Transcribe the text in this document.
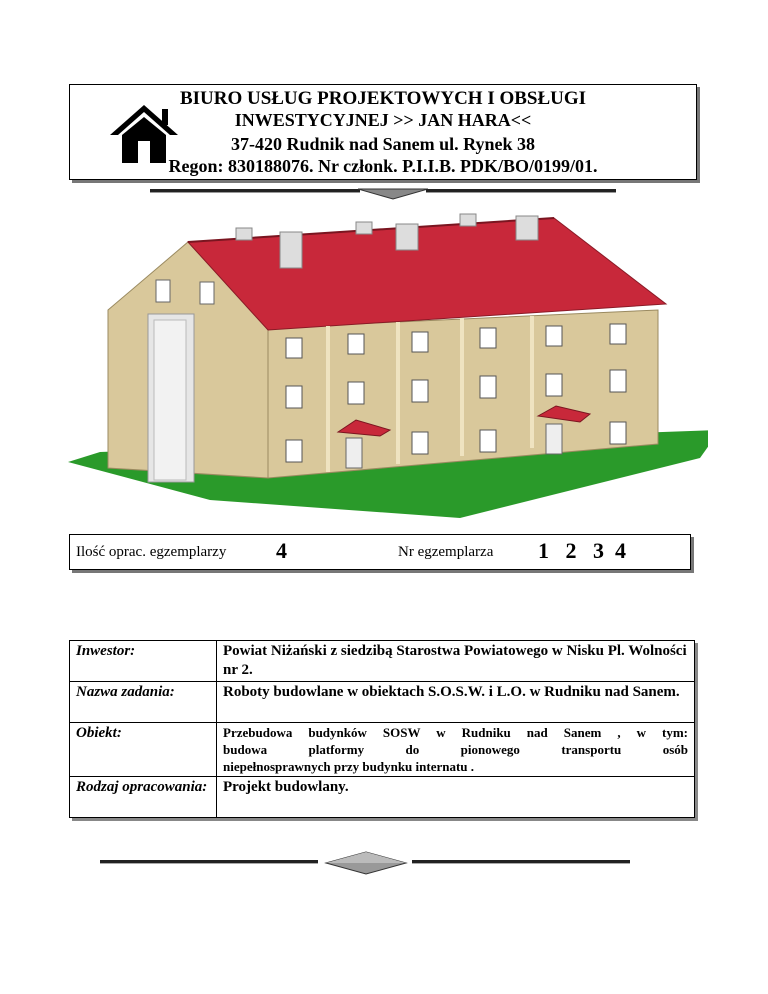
BIURO USŁUG PROJEKTOWYCH I OBSŁUGI
INWESTYCYJNEJ >> JAN HARA<<
37-420 Rudnik nad Sanem ul. Rynek 38
Regon: 830188076. Nr członk. P.I.I.B. PDK/BO/0199/01.
Ilość oprac. egzemplarzy 4	Nr egzemplarza 1   2   3  4
Inwestor:	Powiat Niżański z siedzibą Starostwa Powiatowego w Nisku Pl. Wolności nr 2.
Nazwa zadania:	Roboty budowlane w obiektach S.O.S.W. i L.O. w Rudniku nad Sanem.
Obiekt:	Przebudowa budynków SOSW w Rudniku nad Sanem , w tym:
budowa platformy do pionowego transportu osób
niepełnosprawnych przy budynku internatu .

Rodzaj opracowania:	Projekt budowlany.
